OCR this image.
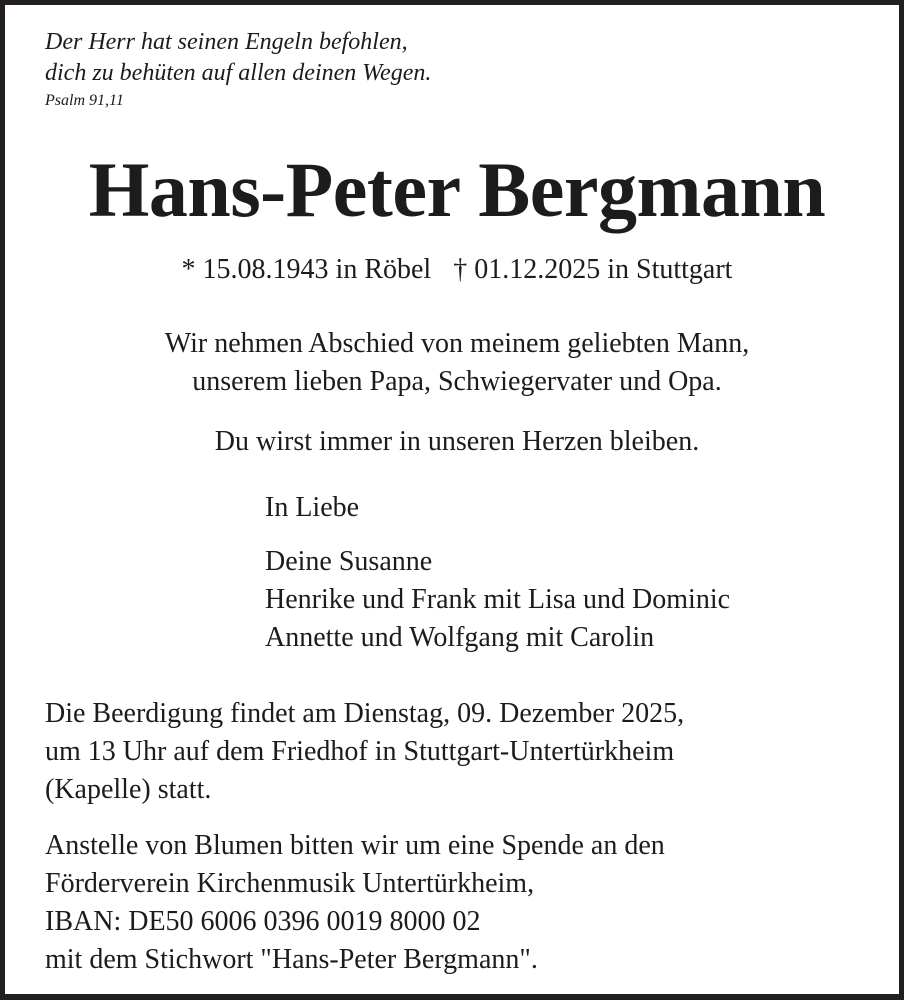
Der Herr hat seinen Engeln befohlen,
dich zu behüten auf allen deinen Wegen.
Psalm 91,11
Hans-Peter Bergmann
* 15.08.1943 in Röbel † 01.12.2025 in Stuttgart
Wir nehmen Abschied von meinem geliebten Mann,
unserem lieben Papa, Schwiegervater und Opa.
Du wirst immer in unseren Herzen bleiben.
In Liebe
Deine Susanne
Henrike und Frank mit Lisa und Dominic
Annette und Wolfgang mit Carolin
Die Beerdigung findet am Dienstag, 09. Dezember 2025,
um 13 Uhr auf dem Friedhof in Stuttgart-Untertürkheim
(Kapelle) statt.
Anstelle von Blumen bitten wir um eine Spende an den
Förderverein Kirchenmusik Untertürkheim,
IBAN: DE50 6006 0396 0019 8000 02
mit dem Stichwort "Hans-Peter Bergmann".
